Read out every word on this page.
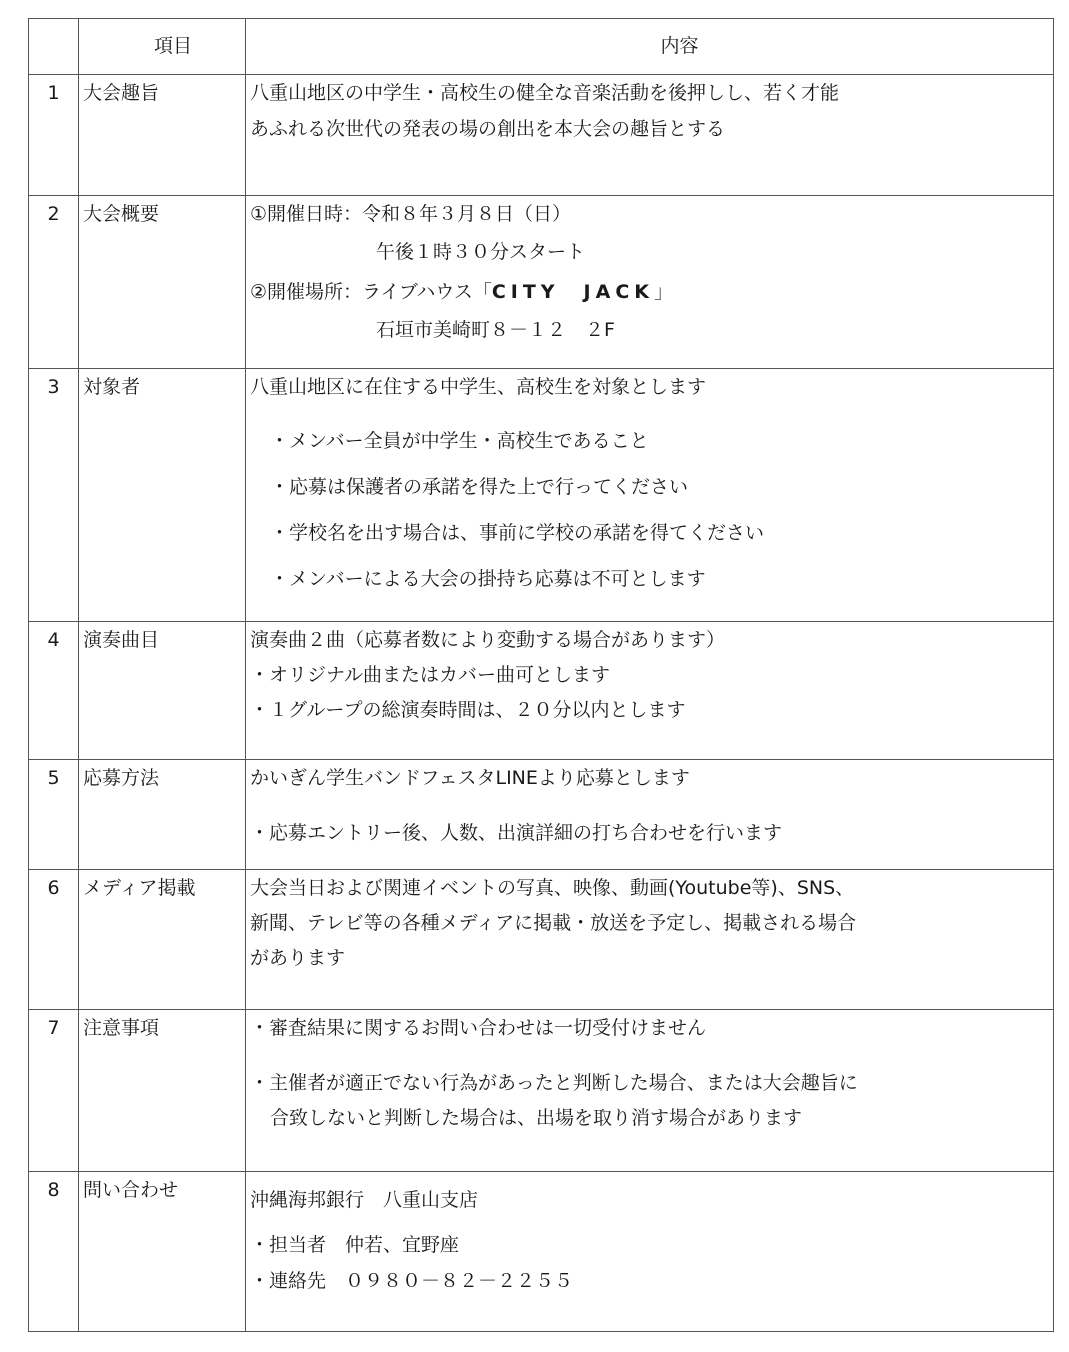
	項目	内容
1	大会趣旨	八重山地区の中学生・高校生の健全な音楽活動を後押しし、若く才能
あふれる次世代の発表の場の創出を本大会の趣旨とする

2	大会概要	①開催日時：令和８年３月８日（日）
午後１時３０分スタート
②開催場所：ライブハウス「CITY　JACK」
石垣市美崎町８－１２　２F

3	対象者	八重山地区に在住する中学生、高校生を対象とします
・メンバー全員が中学生・高校生であること
・応募は保護者の承諾を得た上で行ってください
・学校名を出す場合は、事前に学校の承諾を得てください
・メンバーによる大会の掛持ち応募は不可とします

4	演奏曲目	演奏曲２曲（応募者数により変動する場合があります）
・オリジナル曲またはカバー曲可とします
・１グループの総演奏時間は、２０分以内とします

5	応募方法	かいぎん学生バンドフェスタLINEより応募とします
・応募エントリー後、人数、出演詳細の打ち合わせを行います

6	メディア掲載	大会当日および関連イベントの写真、映像、動画(Youtube等)、SNS、
新聞、テレビ等の各種メディアに掲載・放送を予定し、掲載される場合
があります

7	注意事項	・審査結果に関するお問い合わせは一切受付けません
・主催者が適正でない行為があったと判断した場合、または大会趣旨に
合致しないと判断した場合は、出場を取り消す場合があります

8	問い合わせ	沖縄海邦銀行　八重山支店
・担当者　仲若、宜野座
・連絡先　０９８０－８２－２２５５
